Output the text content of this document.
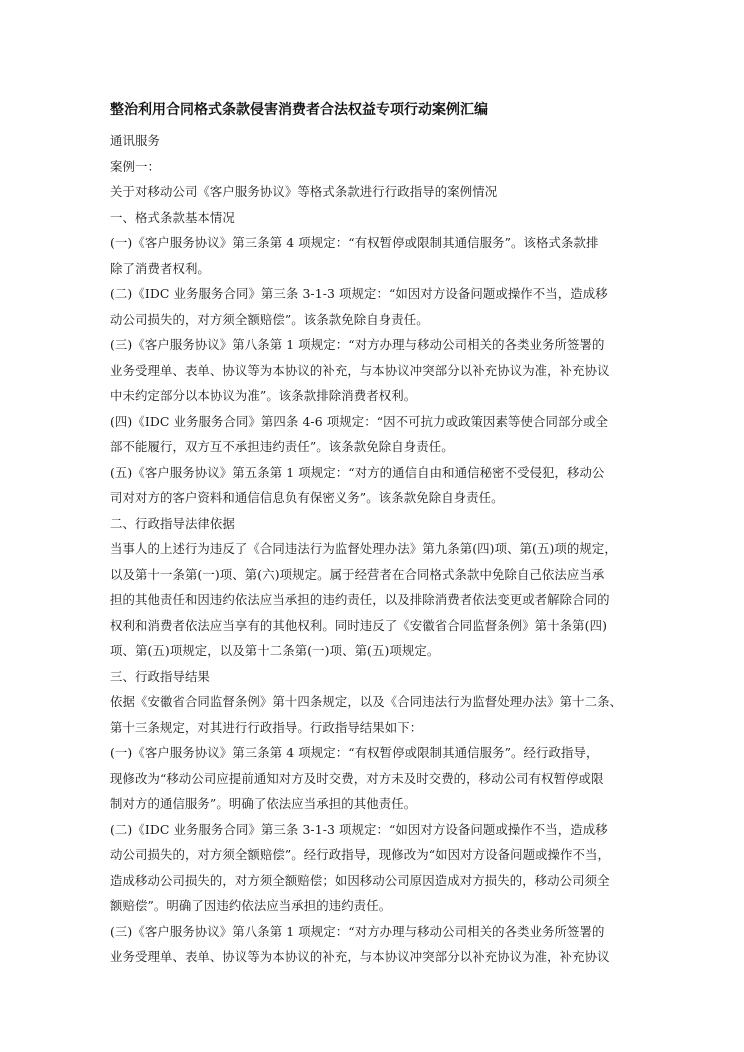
整治利用合同格式条款侵害消费者合法权益专项行动案例汇编
通讯服务
案例一：
关于对移动公司《客户服务协议》等格式条款进行行政指导的案例情况
一、格式条款基本情况
(一)《客户服务协议》第三条第 4 项规定：“有权暂停或限制其通信服务”。该格式条款排
除了消费者权利。
(二)《IDC 业务服务合同》第三条 3-1-3 项规定：“如因对方设备问题或操作不当，造成移
动公司损失的，对方须全额赔偿”。该条款免除自身责任。
(三)《客户服务协议》第八条第 1 项规定：“对方办理与移动公司相关的各类业务所签署的
业务受理单、表单、协议等为本协议的补充，与本协议冲突部分以补充协议为准，补充协议
中未约定部分以本协议为准”。该条款排除消费者权利。
(四)《IDC 业务服务合同》第四条 4-6 项规定：“因不可抗力或政策因素等使合同部分或全
部不能履行，双方互不承担违约责任”。该条款免除自身责任。
(五)《客户服务协议》第五条第 1 项规定：“对方的通信自由和通信秘密不受侵犯，移动公
司对对方的客户资料和通信信息负有保密义务”。该条款免除自身责任。
二、行政指导法律依据
当事人的上述行为违反了《合同违法行为监督处理办法》第九条第(四)项、第(五)项的规定，
以及第十一条第(一)项、第(六)项规定。属于经营者在合同格式条款中免除自己依法应当承
担的其他责任和因违约依法应当承担的违约责任，以及排除消费者依法变更或者解除合同的
权利和消费者依法应当享有的其他权利。同时违反了《安徽省合同监督条例》第十条第(四)
项、第(五)项规定，以及第十二条第(一)项、第(五)项规定。
三、行政指导结果
依据《安徽省合同监督条例》第十四条规定，以及《合同违法行为监督处理办法》第十二条、
第十三条规定，对其进行行政指导。行政指导结果如下：
(一)《客户服务协议》第三条第 4 项规定：“有权暂停或限制其通信服务”。经行政指导，
现修改为“移动公司应提前通知对方及时交费，对方未及时交费的，移动公司有权暂停或限
制对方的通信服务”。明确了依法应当承担的其他责任。
(二)《IDC 业务服务合同》第三条 3-1-3 项规定：“如因对方设备问题或操作不当，造成移
动公司损失的，对方须全额赔偿”。经行政指导，现修改为“如因对方设备问题或操作不当，
造成移动公司损失的，对方须全额赔偿；如因移动公司原因造成对方损失的，移动公司须全
额赔偿”。明确了因违约依法应当承担的违约责任。
(三)《客户服务协议》第八条第 1 项规定：“对方办理与移动公司相关的各类业务所签署的
业务受理单、表单、协议等为本协议的补充，与本协议冲突部分以补充协议为准，补充协议
